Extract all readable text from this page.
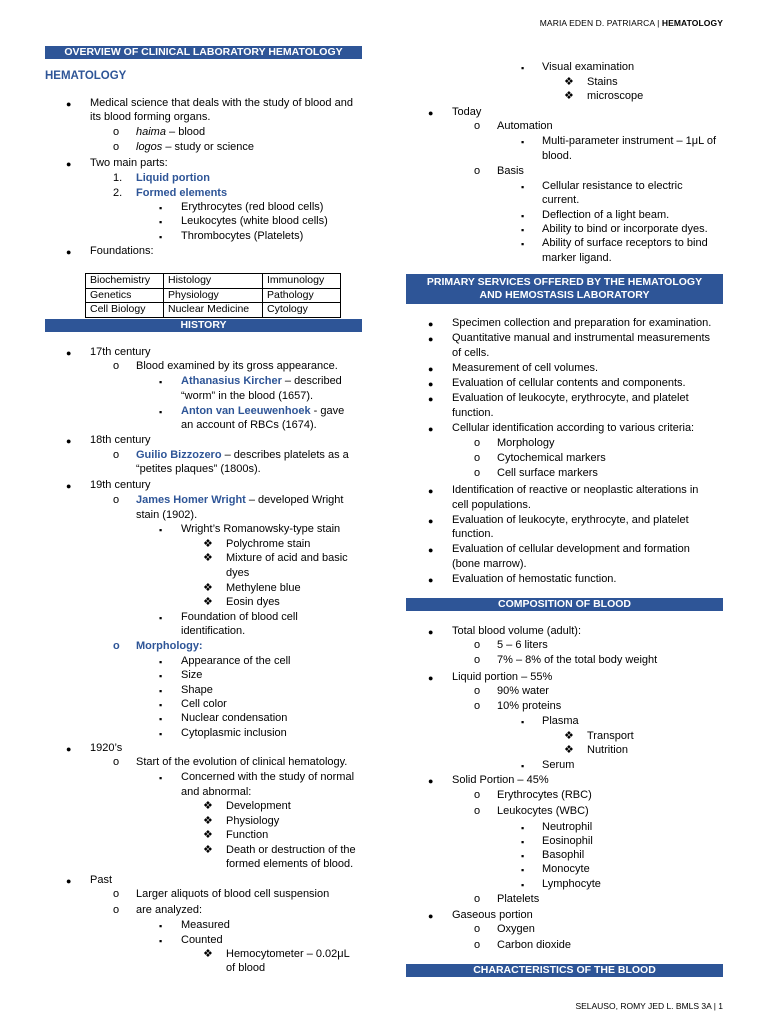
MARIA EDEN D. PATRIARCA | HEMATOLOGY
OVERVIEW OF CLINICAL LABORATORY HEMATOLOGY
HEMATOLOGY
● Medical science that deals with the study of blood and
its blood forming organs.
o haima – blood
o logos – study or science
● Two main parts:
1. Liquid portion
2. Formed elements
▪ Erythrocytes (red blood cells)
▪ Leukocytes (white blood cells)
▪ Thrombocytes (Platelets)
● Foundations:
Biochemistry	Histology	Immunology
Genetics	Physiology	Pathology
Cell Biology	Nuclear Medicine	Cytology
HISTORY
● 17th century
o Blood examined by its gross appearance.
▪ Athanasius Kircher – described
“worm” in the blood (1657).
▪ Anton van Leeuwenhoek - gave
an account of RBCs (1674).
● 18th century
o Guilio Bizzozero – describes platelets as a
“petites plaques” (1800s).
● 19th century
o James Homer Wright – developed Wright
stain (1902).
▪ Wright’s Romanowsky-type stain
❖ Polychrome stain
❖ Mixture of acid and basic
dyes
❖ Methylene blue
❖ Eosin dyes
▪ Foundation of blood cell
identification.
o Morphology:
▪ Appearance of the cell
▪ Size
▪ Shape
▪ Cell color
▪ Nuclear condensation
▪ Cytoplasmic inclusion
● 1920’s
o Start of the evolution of clinical hematology.
▪ Concerned with the study of normal
and abnormal:
❖ Development
❖ Physiology
❖ Function
❖ Death or destruction of the
formed elements of blood.
● Past
o Larger aliquots of blood cell suspension
o are analyzed:
▪ Measured
▪ Counted
❖ Hemocytometer – 0.02μL
of blood
▪ Visual examination
❖ Stains
❖ microscope
● Today
o Automation
▪ Multi-parameter instrument – 1μL of
blood.
o Basis
▪ Cellular resistance to electric
current.
▪ Deflection of a light beam.
▪ Ability to bind or incorporate dyes.
▪ Ability of surface receptors to bind
marker ligand.
PRIMARY SERVICES OFFERED BY THE HEMATOLOGY
AND HEMOSTASIS LABORATORY
● Specimen collection and preparation for examination.
● Quantitative manual and instrumental measurements
of cells.
● Measurement of cell volumes.
● Evaluation of cellular contents and components.
● Evaluation of leukocyte, erythrocyte, and platelet
function.
● Cellular identification according to various criteria:
o Morphology
o Cytochemical markers
o Cell surface markers
● Identification of reactive or neoplastic alterations in
cell populations.
● Evaluation of leukocyte, erythrocyte, and platelet
function.
● Evaluation of cellular development and formation
(bone marrow).
● Evaluation of hemostatic function.
COMPOSITION OF BLOOD
● Total blood volume (adult):
o 5 – 6 liters
o 7% – 8% of the total body weight
● Liquid portion – 55%
o 90% water
o 10% proteins
▪ Plasma
❖ Transport
❖ Nutrition
▪ Serum
● Solid Portion – 45%
o Erythrocytes (RBC)
o Leukocytes (WBC)
▪ Neutrophil
▪ Eosinophil
▪ Basophil
▪ Monocyte
▪ Lymphocyte
o Platelets
● Gaseous portion
o Oxygen
o Carbon dioxide
CHARACTERISTICS OF THE BLOOD
SELAUSO, ROMY JED L. BMLS 3A | 1
